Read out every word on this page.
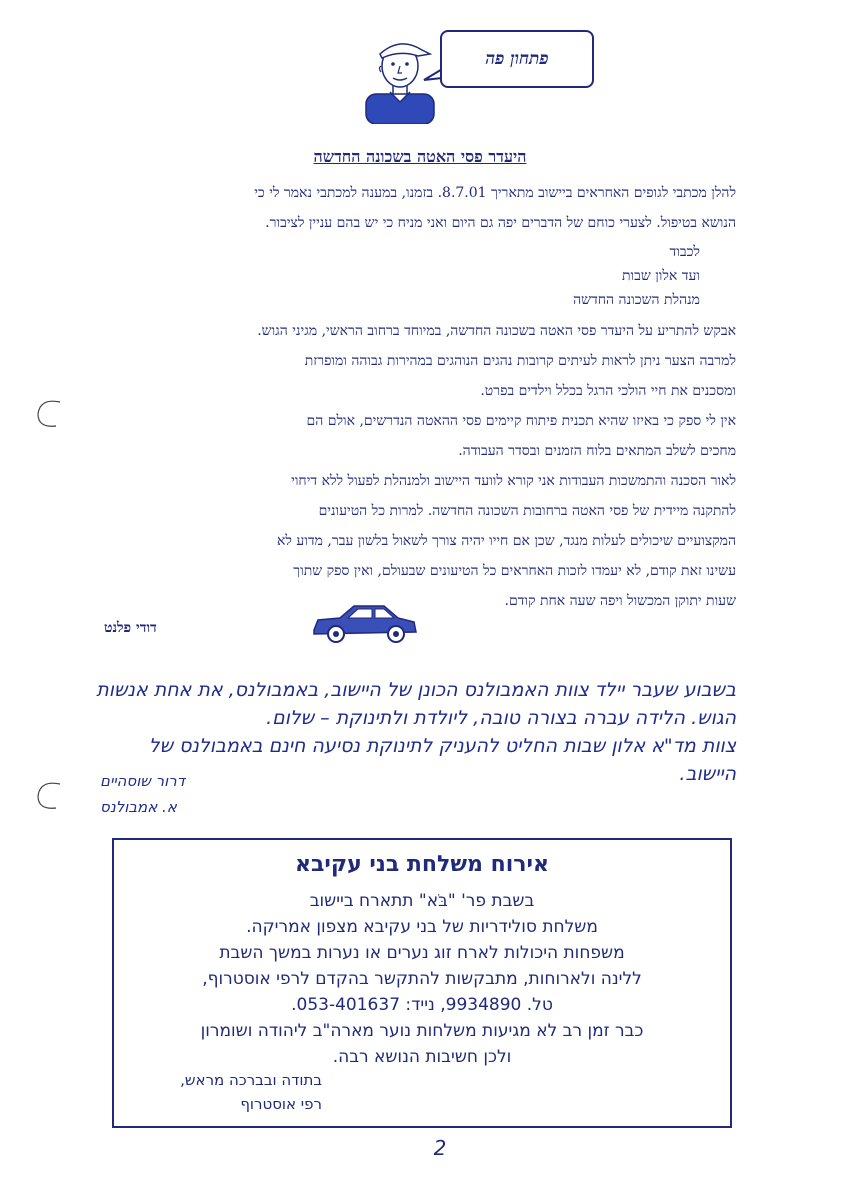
פתחון פה
היעדר פסי האטה בשכונה החדשה
להלן מכתבי לגופים האחראים ביישוב מתאריך 8.7.01. בזמנו, במענה למכתבי נאמר לי כי
הנושא בטיפול. לצערי כוחם של הדברים יפה גם היום ואני מניח כי יש בהם עניין לציבור.
לכבוד
ועד אלון שבות
מנהלת השכונה החדשה
אבקש להתריע על היעדר פסי האטה בשכונה החדשה, במיוחד ברחוב הראשי, מגיני הגוש.
למרבה הצער ניתן לראות לעיתים קרובות נהגים הנוהגים במהירות גבוהה ומופרזת
ומסכנים את חיי הולכי הרגל בכלל וילדים בפרט.
אין לי ספק כי באיזו שהיא תכנית פיתוח קיימים פסי ההאטה הנדרשים, אולם הם
מחכים לשלב המתאים בלוח הזמנים ובסדר העבודה.
לאור הסכנה והתמשכות העבודות אני קורא לוועד היישוב ולמנהלת לפעול ללא דיחוי
להתקנה מיידית של פסי האטה ברחובות השכונה החדשה. למרות כל הטיעונים
המקצועיים שיכולים לעלות מנגד, שכן אם חייו יהיה צורך לשאול בלשון עבר, מדוע לא
עשינו זאת קודם, לא יעמדו לזכות האחראים כל הטיעונים שבעולם, ואין ספק שתוך
שעות יתוקן המכשול ויפה שעה אחת קודם.
דודי פלנט
בשבוע שעבר יילד צוות האמבולנס הכונן של היישוב, באמבולנס, את אחת אנשות
הגוש. הלידה עברה בצורה טובה, ליולדת ולתינוקת – שלום.
צוות מד"א אלון שבות החליט להעניק לתינוקת נסיעה חינם באמבולנס של היישוב.
דרור שוסהיים
א. אמבולנס
אירוח משלחת בני עקיבא
בשבת פר' "בֹּא" תתארח ביישוב
משלחת סולידריות של בני עקיבא מצפון אמריקה.
משפחות היכולות לארח זוג נערים או נערות במשך השבת
ללינה ולארוחות, מתבקשות להתקשר בהקדם לרפי אוסטרוף,
טל. 9934890, נייד: 053-401637.
כבר זמן רב לא מגיעות משלחות נוער מארה"ב ליהודה ושומרון
ולכן חשיבות הנושא רבה.
בתודה ובברכה מראש,
רפי אוסטרוף
2
